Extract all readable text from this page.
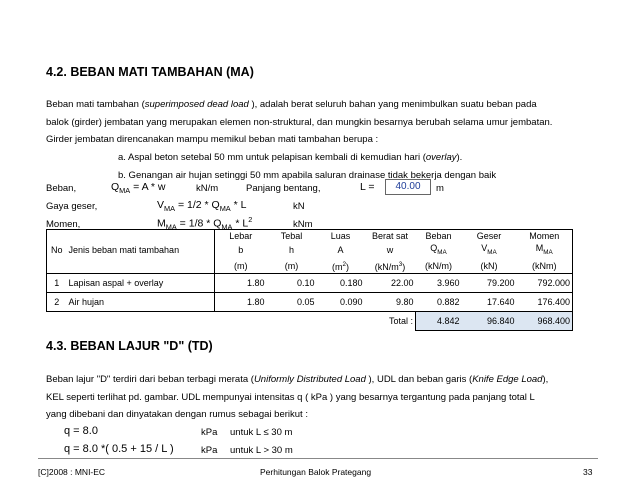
4.2. BEBAN MATI TAMBAHAN (MA)
Beban mati tambahan (superimposed dead load ), adalah berat seluruh bahan yang menimbulkan suatu beban pada
balok (girder) jembatan yang merupakan elemen non-struktural, dan mungkin besarnya berubah selama umur jembatan.
Girder jembatan direncanakan mampu memikul beban mati tambahan berupa :
a. Aspal beton setebal 50 mm untuk pelapisan kembali di kemudian hari (overlay).
b. Genangan air hujan setinggi 50 mm apabila saluran drainase tidak bekerja dengan baik
Beban,	$Q_{MA} = A * w$	kN/m	Panjang bentang,	L =	40.00	m
Gaya geser,	$V_{MA} = 1/2 * Q_{MA} * L$	kN
Momen,	$M_{MA} = 1/8 * Q_{MA} * L^2$	kNm
		Lebar	Tebal	Luas	Berat sat	Beban	Geser	Momen
No	Jenis beban mati tambahan	b	h	A	w	$Q_{MA}$	$V_{MA}$	$M_{MA}$
		(m)	(m)	$(m^2)$	$(kN/m^3)$	(kN/m)	(kN)	(kNm)
1	Lapisan aspal + overlay	1.80	0.10	0.180	22.00	3.960	79.200	792.000
2	Air hujan	1.80	0.05	0.090	9.80	0.882	17.640	176.400
					Total :	4.842	96.840	968.400
4.3. BEBAN LAJUR "D" (TD)
Beban lajur "D" terdiri dari beban terbagi merata (Uniformly Distributed Load ), UDL dan beban garis (Knife Edge Load),
KEL seperti terlihat pd. gambar. UDL mempunyai intensitas q ( kPa ) yang besarnya tergantung pada panjang total L
yang dibebani dan dinyatakan dengan rumus sebagai berikut :
q = 8.0	kPa untuk L ≤ 30 m
q = 8.0 *( 0.5 + 15 / L )	kPa untuk L > 30 m
[C]2008 : MNI-EC	Perhitungan Balok Prategang	33
